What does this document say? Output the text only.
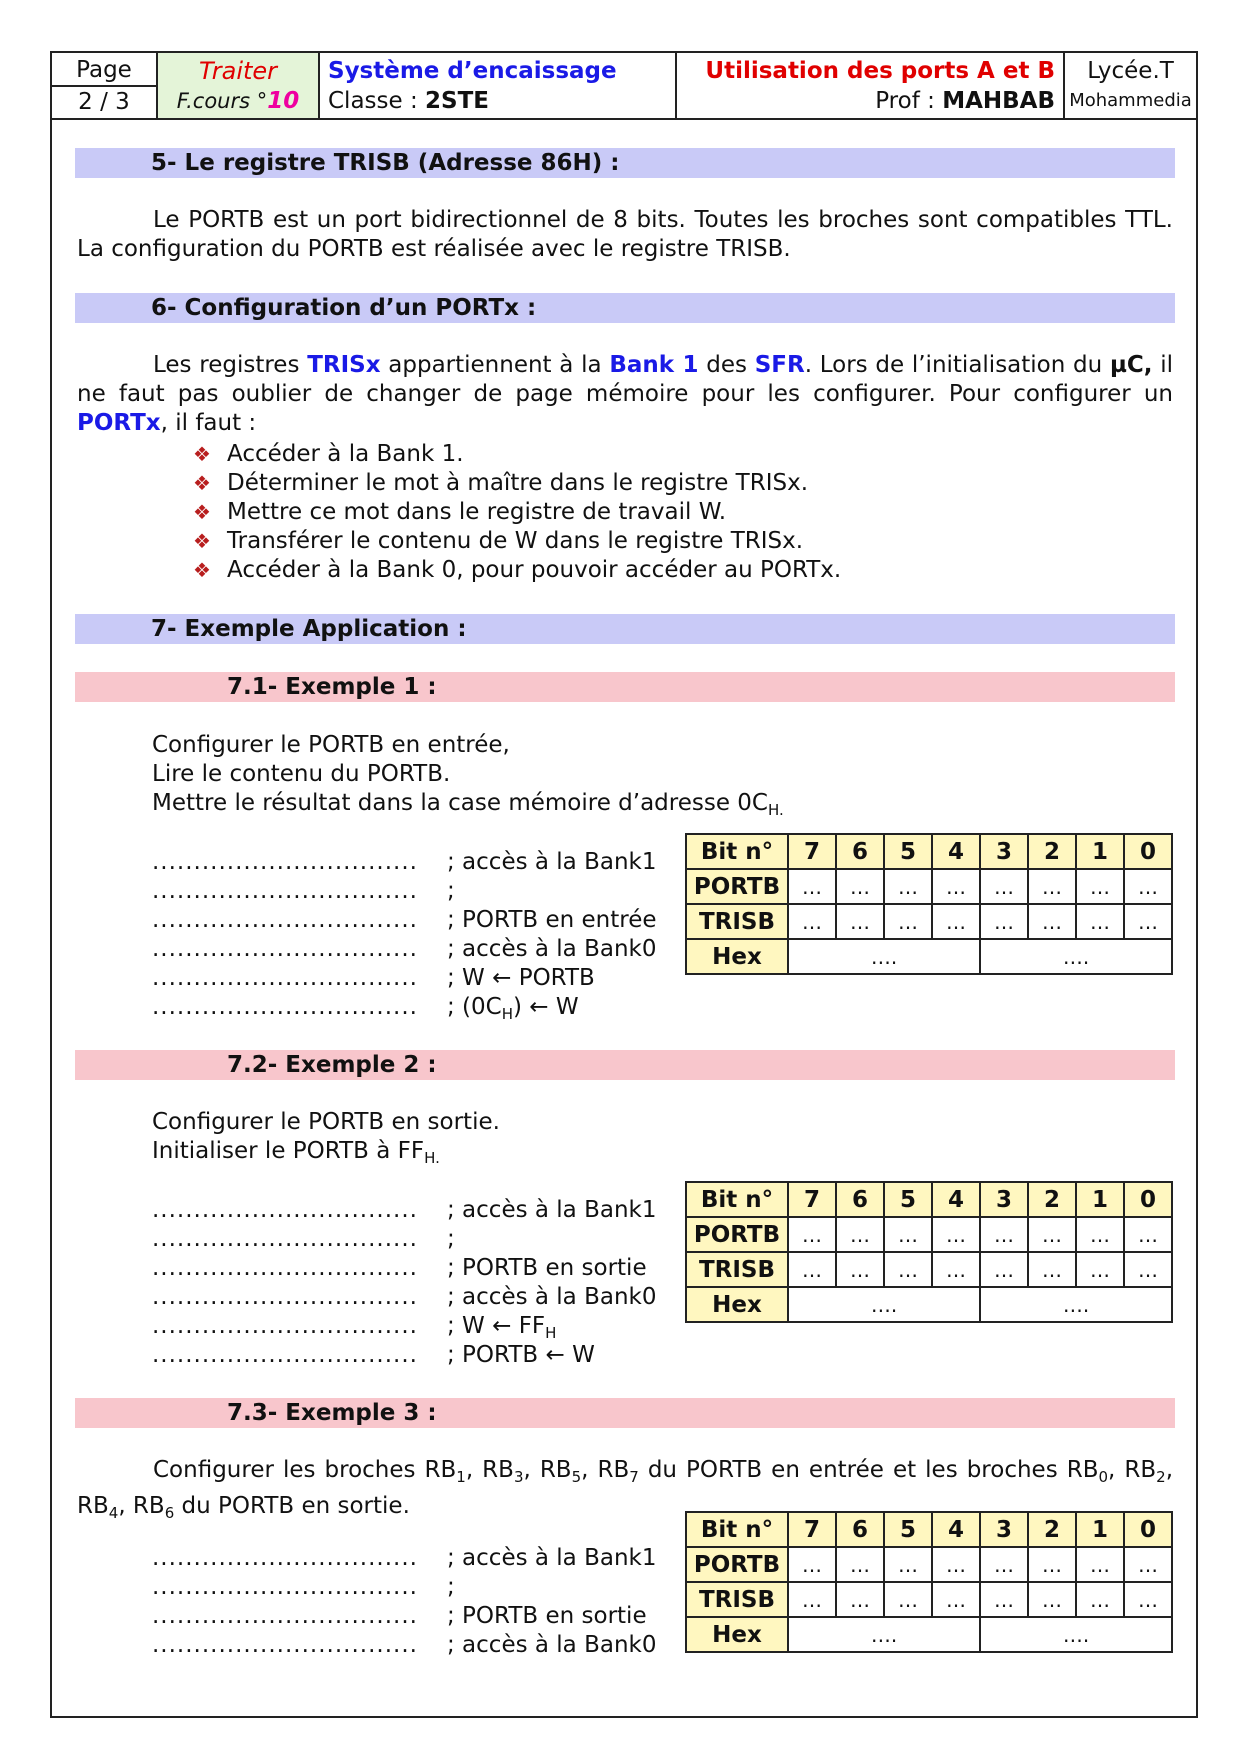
Page
2 / 3

Traiter
F.cours °10

Système d’encaissage
Classe : 2STE

Utilisation des ports A et B
Prof : MAHBAB

Lycée.T
Mohammedia
5- Le registre TRISB (Adresse 86H) :
Le PORTB est un port bidirectionnel de 8 bits. Toutes les broches sont compatibles TTL. La configuration du PORTB est réalisée avec le registre TRISB.
6- Configuration d’un PORTx :
Les registres TRISx appartiennent à la Bank 1 des SFR. Lors de l’initialisation du µC, il ne faut pas oublier de changer de page mémoire pour les configurer. Pour configurer un PORTx, il faut :
❖ Accéder à la Bank 1.
❖ Déterminer le mot à maître dans le registre TRISx.
❖ Mettre ce mot dans le registre de travail W.
❖ Transférer le contenu de W dans le registre TRISx.
❖ Accéder à la Bank 0, pour pouvoir accéder au PORTx.
7- Exemple Application :
7.1- Exemple 1 :
Configurer le PORTB en entrée,
Lire le contenu du PORTB.
Mettre le résultat dans la case mémoire d’adresse $0C_{H.}$
................................ ; accès à la Bank1
................................ ;
................................ ; PORTB en entrée
................................ ; accès à la Bank0
................................ ; W ← PORTB
................................ ; $(0C_H)$ ← W
Bit n°	7	6	5	4	3	2	1	0
PORTB	…	…	…	…	…	…	…	…
TRISB	…	…	…	…	…	…	…	…
Hex	….				….			
7.2- Exemple 2 :
Configurer le PORTB en sortie.
Initialiser le PORTB à $FF_{H.}$
................................ ; accès à la Bank1
................................ ;
................................ ; PORTB en sortie
................................ ; accès à la Bank0
................................ ; W ← $FF_H$
................................ ; PORTB ← W
Bit n°	7	6	5	4	3	2	1	0
PORTB	…	…	…	…	…	…	…	…
TRISB	…	…	…	…	…	…	…	…
Hex	….				….			
7.3- Exemple 3 :
Configurer les broches $RB_1$, $RB_3$, $RB_5$, $RB_7$ du PORTB en entrée et les broches $RB_0$, $RB_2$, $RB_4$, $RB_6$ du PORTB en sortie.
................................ ; accès à la Bank1
................................ ;
................................ ; PORTB en sortie
................................ ; accès à la Bank0
Bit n°	7	6	5	4	3	2	1	0
PORTB	…	…	…	…	…	…	…	…
TRISB	…	…	…	…	…	…	…	…
Hex	….				….			
